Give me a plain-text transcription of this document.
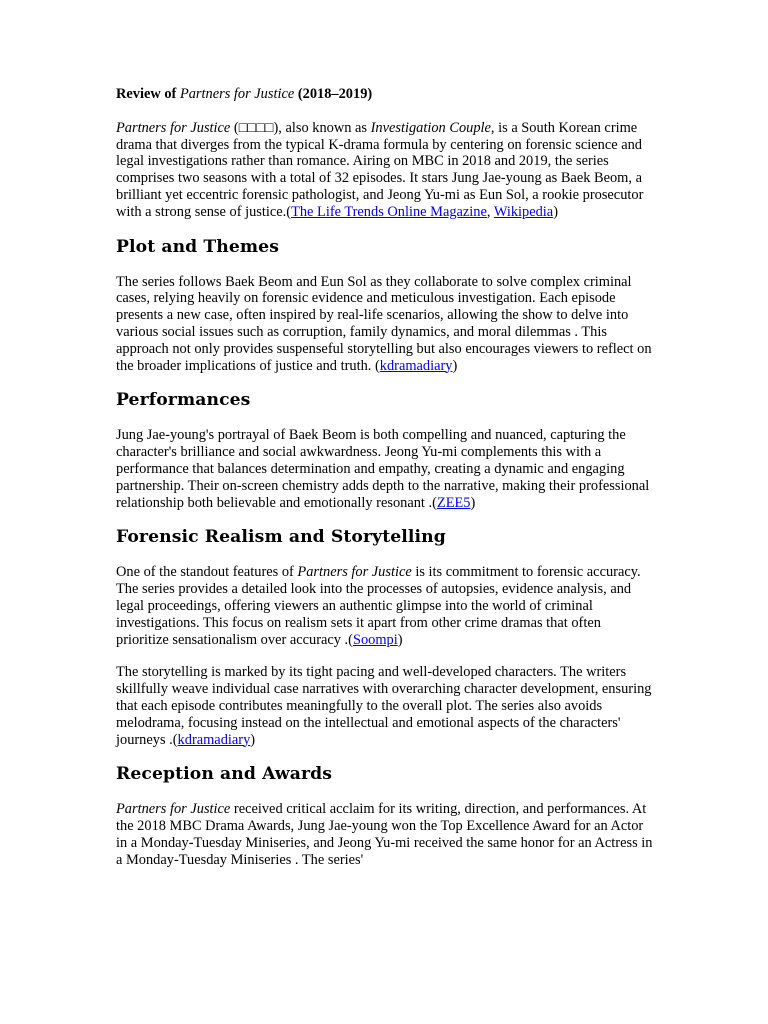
Review of Partners for Justice (2018–2019)

Partners for Justice (□□□□), also known as Investigation Couple, is a South Korean crime drama that diverges from the typical K-drama formula by centering on forensic science and legal investigations rather than romance. Airing on MBC in 2018 and 2019, the series comprises two seasons with a total of 32 episodes. It stars Jung Jae-young as Baek Beom, a brilliant yet eccentric forensic pathologist, and Jeong Yu-mi as Eun Sol, a rookie prosecutor with a strong sense of justice.(The Life Trends Online Magazine, Wikipedia)

Plot and Themes

The series follows Baek Beom and Eun Sol as they collaborate to solve complex criminal cases, relying heavily on forensic evidence and meticulous investigation. Each episode presents a new case, often inspired by real-life scenarios, allowing the show to delve into various social issues such as corruption, family dynamics, and moral dilemmas . This approach not only provides suspenseful storytelling but also encourages viewers to reflect on the broader implications of justice and truth. (kdramadiary)

Performances

Jung Jae-young's portrayal of Baek Beom is both compelling and nuanced, capturing the character's brilliance and social awkwardness. Jeong Yu-mi complements this with a performance that balances determination and empathy, creating a dynamic and engaging partnership. Their on-screen chemistry adds depth to the narrative, making their professional relationship both believable and emotionally resonant .(ZEE5)

Forensic Realism and Storytelling

One of the standout features of Partners for Justice is its commitment to forensic accuracy. The series provides a detailed look into the processes of autopsies, evidence analysis, and legal proceedings, offering viewers an authentic glimpse into the world of criminal investigations. This focus on realism sets it apart from other crime dramas that often prioritize sensationalism over accuracy .(Soompi)

The storytelling is marked by its tight pacing and well-developed characters. The writers skillfully weave individual case narratives with overarching character development, ensuring that each episode contributes meaningfully to the overall plot. The series also avoids melodrama, focusing instead on the intellectual and emotional aspects of the characters' journeys .(kdramadiary)

Reception and Awards

Partners for Justice received critical acclaim for its writing, direction, and performances. At the 2018 MBC Drama Awards, Jung Jae-young won the Top Excellence Award for an Actor in a Monday-Tuesday Miniseries, and Jeong Yu-mi received the same honor for an Actress in a Monday-Tuesday Miniseries . The series'
